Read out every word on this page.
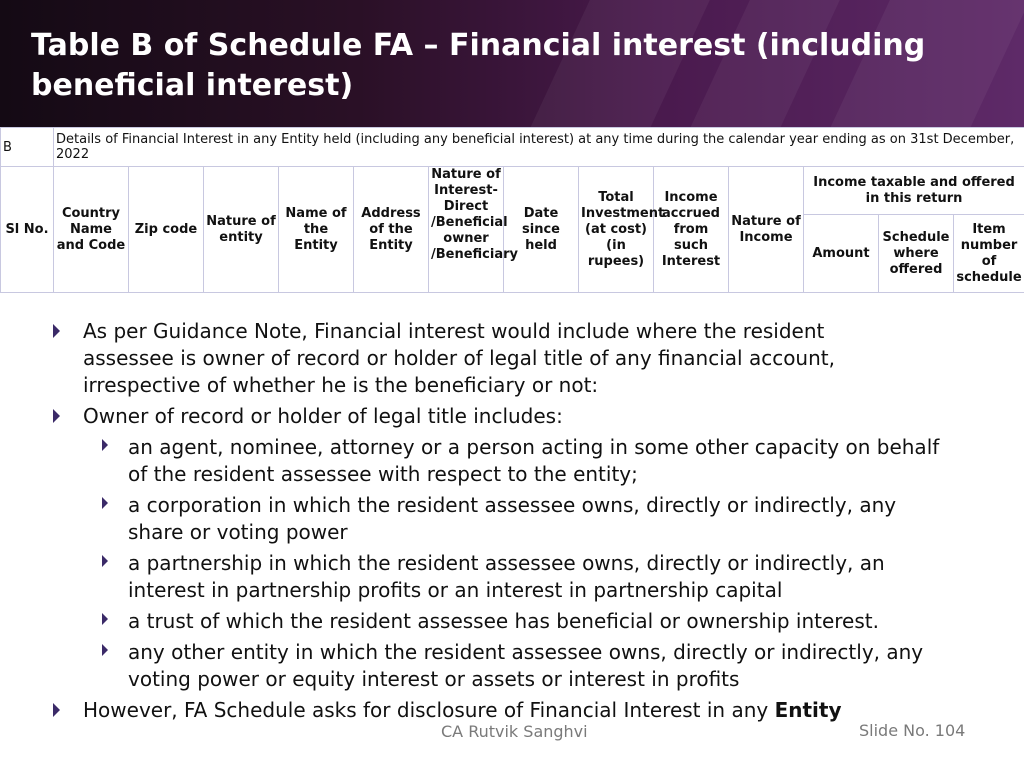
Table B of Schedule FA – Financial interest (including beneficial interest)
B	Details of Financial Interest in any Entity held (including any beneficial interest) at any time during the calendar year ending as on 31st December, 2022												
Sl No.	Country Name and Code	Zip code	Nature of entity	Name of the Entity	Address of the Entity	Nature of Interest- Direct /Beneficial owner /Beneficiary	Date since held	Total Investment (at cost) (in rupees)	Income accrued from such Interest	Nature of Income	Income taxable and offered in this return		
											Amount	Schedule where offered	Item number of schedule
As per Guidance Note, Financial interest would include where the resident assessee is owner of record or holder of legal title of any financial account, irrespective of whether he is the beneficiary or not:
Owner of record or holder of legal title includes:
an agent, nominee, attorney or a person acting in some other capacity on behalf of the resident assessee with respect to the entity;
a corporation in which the resident assessee owns, directly or indirectly, any share or voting power
a partnership in which the resident assessee owns, directly or indirectly, an interest in partnership profits or an interest in partnership capital
a trust of which the resident assessee has beneficial or ownership interest.
any other entity in which the resident assessee owns, directly or indirectly, any voting power or equity interest or assets or interest in profits
However, FA Schedule asks for disclosure of Financial Interest in any Entity
CA Rutvik Sanghvi	Slide No. 104
